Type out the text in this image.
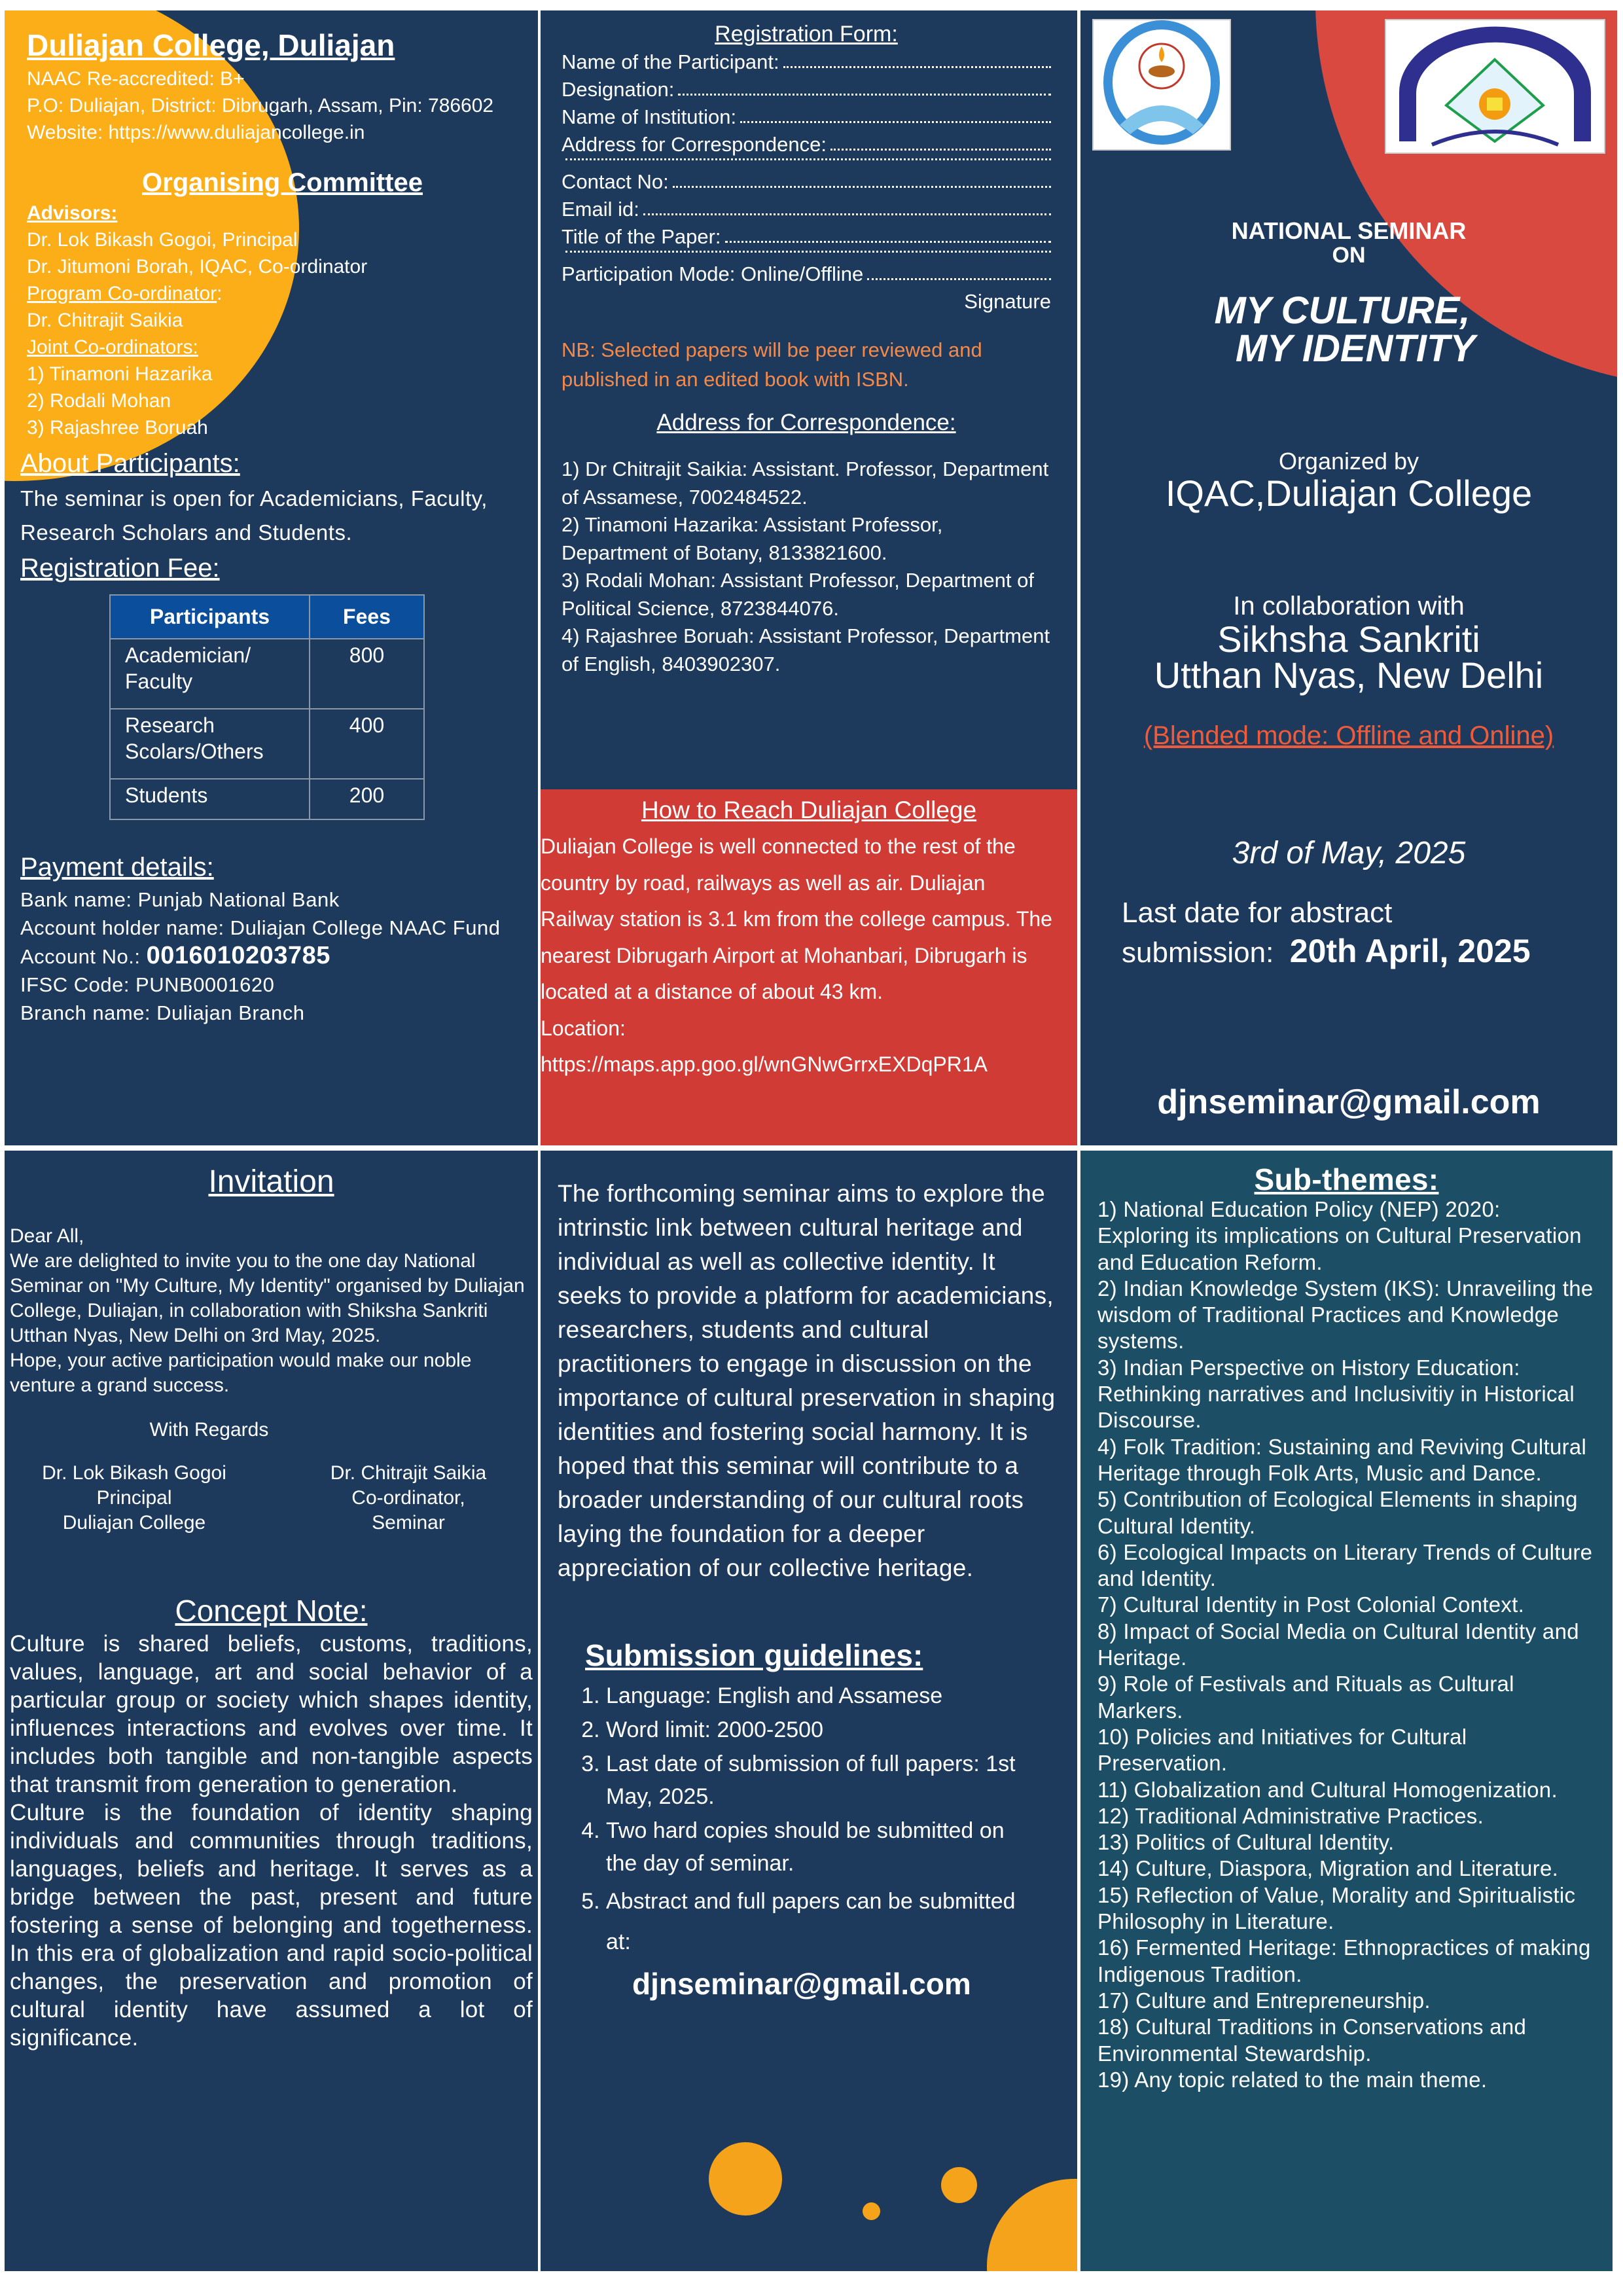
Duliajan College, Duliajan
NAAC Re-accredited: B+
P.O: Duliajan, District: Dibrugarh, Assam, Pin: 786602
Website: https://www.duliajancollege.in
Organising Committee
Advisors:
Dr. Lok Bikash Gogoi, Principal
Dr. Jitumoni Borah, IQAC, Co-ordinator
Program Co-ordinator:
Dr. Chitrajit Saikia
Joint Co-ordinators:
1) Tinamoni Hazarika
2) Rodali Mohan
3) Rajashree Boruah
About Participants:
The seminar is open for Academicians, Faculty, Research Scholars and Students.
Registration Fee:
Participants	Fees
Academician/ Faculty	800
Research Scolars/Others	400
Students	200
Payment details:
Bank name: Punjab National Bank
Account holder name: Duliajan College NAAC Fund
Account No.: 0016010203785
IFSC Code: PUNB0001620
Branch name: Duliajan Branch
Registration Form:
Name of the Participant:
Designation:
Name of Institution:
Address for Correspondence:
Contact No:
Email id:
Title of the Paper:
Participation Mode: Online/Offline
Signature
NB: Selected papers will be peer reviewed and published in an edited book with ISBN.
Address for Correspondence:
1) Dr Chitrajit Saikia: Assistant. Professor, Department of Assamese, 7002484522.
2) Tinamoni Hazarika: Assistant Professor, Department of Botany, 8133821600.
3) Rodali Mohan: Assistant Professor, Department of Political Science, 8723844076.
4) Rajashree Boruah: Assistant Professor, Department of English, 8403902307.
How to Reach Duliajan College
Duliajan College is well connected to the rest of the country by road, railways as well as air. Duliajan Railway station is 3.1 km from the college campus. The nearest Dibrugarh Airport at Mohanbari, Dibrugarh is located at a distance of about 43 km.
Location:
https://maps.app.goo.gl/wnGNwGrrxEXDqPR1A
NATIONAL SEMINAR
ON
MY CULTURE,
MY IDENTITY
Organized by
IQAC,Duliajan College
In collaboration with
Sikhsha Sankriti
Utthan Nyas, New Delhi
(Blended mode: Offline and Online)
3rd of May, 2025
Last date for abstract
submission: 20th April, 2025
djnseminar@gmail.com
Invitation
Dear All,
We are delighted to invite you to the one day National Seminar on "My Culture, My Identity" organised by Duliajan College, Duliajan, in collaboration with Shiksha Sankriti Utthan Nyas, New Delhi on 3rd May, 2025.
Hope, your active participation would make our noble venture a grand success.
With Regards
Dr. Lok Bikash Gogoi
Principal
Duliajan College
Dr. Chitrajit Saikia
Co-ordinator,
Seminar
Concept Note:
Culture is shared beliefs, customs, traditions, values, language, art and social behavior of a particular group or society which shapes identity, influences interactions and evolves over time. It includes both tangible and non-tangible aspects that transmit from generation to generation.
Culture is the foundation of identity shaping individuals and communities through traditions, languages, beliefs and heritage. It serves as a bridge between the past, present and future fostering a sense of belonging and togetherness. In this era of globalization and rapid socio-political changes, the preservation and promotion of cultural identity have assumed a lot of significance.
The forthcoming seminar aims to explore the intrinstic link between cultural heritage and individual as well as collective identity. It seeks to provide a platform for academicians, researchers, students and cultural practitioners to engage in discussion on the importance of cultural preservation in shaping identities and fostering social harmony. It is hoped that this seminar will contribute to a broader understanding of our cultural roots laying the foundation for a deeper appreciation of our collective heritage.
Submission guidelines:
1. Language: English and Assamese
2. Word limit: 2000-2500
3. Last date of submission of full papers: 1st May, 2025.
4. Two hard copies should be submitted on the day of seminar.
5. Abstract and full papers can be submitted at:
djnseminar@gmail.com
Sub-themes:
1) National Education Policy (NEP) 2020: Exploring its implications on Cultural Preservation and Education Reform.
2) Indian Knowledge System (IKS): Unraveiling the wisdom of Traditional Practices and Knowledge systems.
3) Indian Perspective on History Education: Rethinking narratives and Inclusivitiy in Historical Discourse.
4) Folk Tradition: Sustaining and Reviving Cultural Heritage through Folk Arts, Music and Dance.
5) Contribution of Ecological Elements in shaping Cultural Identity.
6) Ecological Impacts on Literary Trends of Culture and Identity.
7) Cultural Identity in Post Colonial Context.
8) Impact of Social Media on Cultural Identity and Heritage.
9) Role of Festivals and Rituals as Cultural Markers.
10) Policies and Initiatives for Cultural Preservation.
11) Globalization and Cultural Homogenization.
12) Traditional Administrative Practices.
13) Politics of Cultural Identity.
14) Culture, Diaspora, Migration and Literature.
15) Reflection of Value, Morality and Spiritualistic Philosophy in Literature.
16) Fermented Heritage: Ethnopractices of making Indigenous Tradition.
17) Culture and Entrepreneurship.
18) Cultural Traditions in Conservations and Environmental Stewardship.
19) Any topic related to the main theme.
